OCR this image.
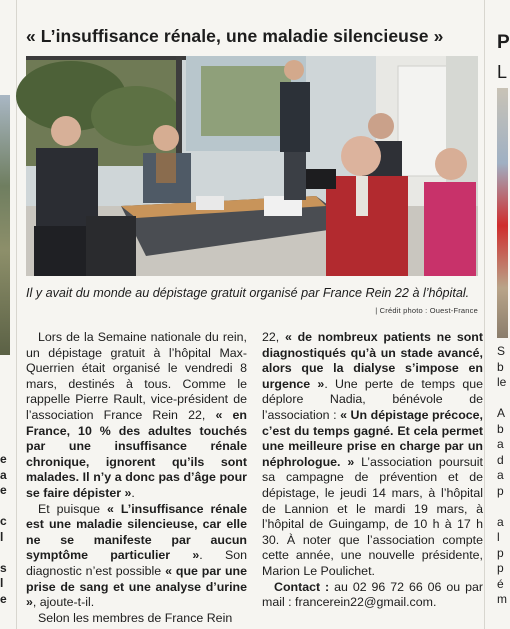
e
a
e

c
l

s
l
e
« L’insuffisance rénale, une maladie silencieuse »
Il y avait du monde au dépistage gratuit organisé par France Rein 22 à l’hôpital.
| Crédit photo : Ouest-France

Lors de la Semaine nationale du rein, un dépistage gratuit à l’hôpital Max-Querrien était organisé le vendredi 8 mars, destinés à tous. Comme le rappelle Pierre Rault, vice-président de l’association France Rein 22, « en France, 10 % des adultes touchés par une insuffisance rénale chronique, ignorent qu’ils sont malades. Il n’y a donc pas d’âge pour se faire dépister ».

Et puisque « L’insuffisance rénale est une maladie silencieuse, car elle ne se manifeste par aucun symptôme particulier ». Son diagnostic n’est possible « que par une prise de sang et une analyse d’urine », ajoute-t-il.

Selon les membres de France Rein

22, « de nombreux patients ne sont diagnostiqués qu’à un stade avancé, alors que la dialyse s’impose en urgence ». Une perte de temps que déplore Nadia, bénévole de l’association : « Un dépistage précoce, c’est du temps gagné. Et cela permet une meilleure prise en charge par un néphrologue. » L’association poursuit sa campagne de prévention et de dépistage, le jeudi 14 mars, à l’hôpital de Lannion et le mardi 19 mars, à l’hôpital de Guingamp, de 10 h à 17 h 30. À noter que l’association compte cette année, une nouvelle présidente, Marion Le Poulichet.

Contact : au 02 96 72 66 06 ou par mail : francerein22@gmail.com.

P
L
S
b
le

A
b
a
d
a
p

a
l
p
p
é
m
